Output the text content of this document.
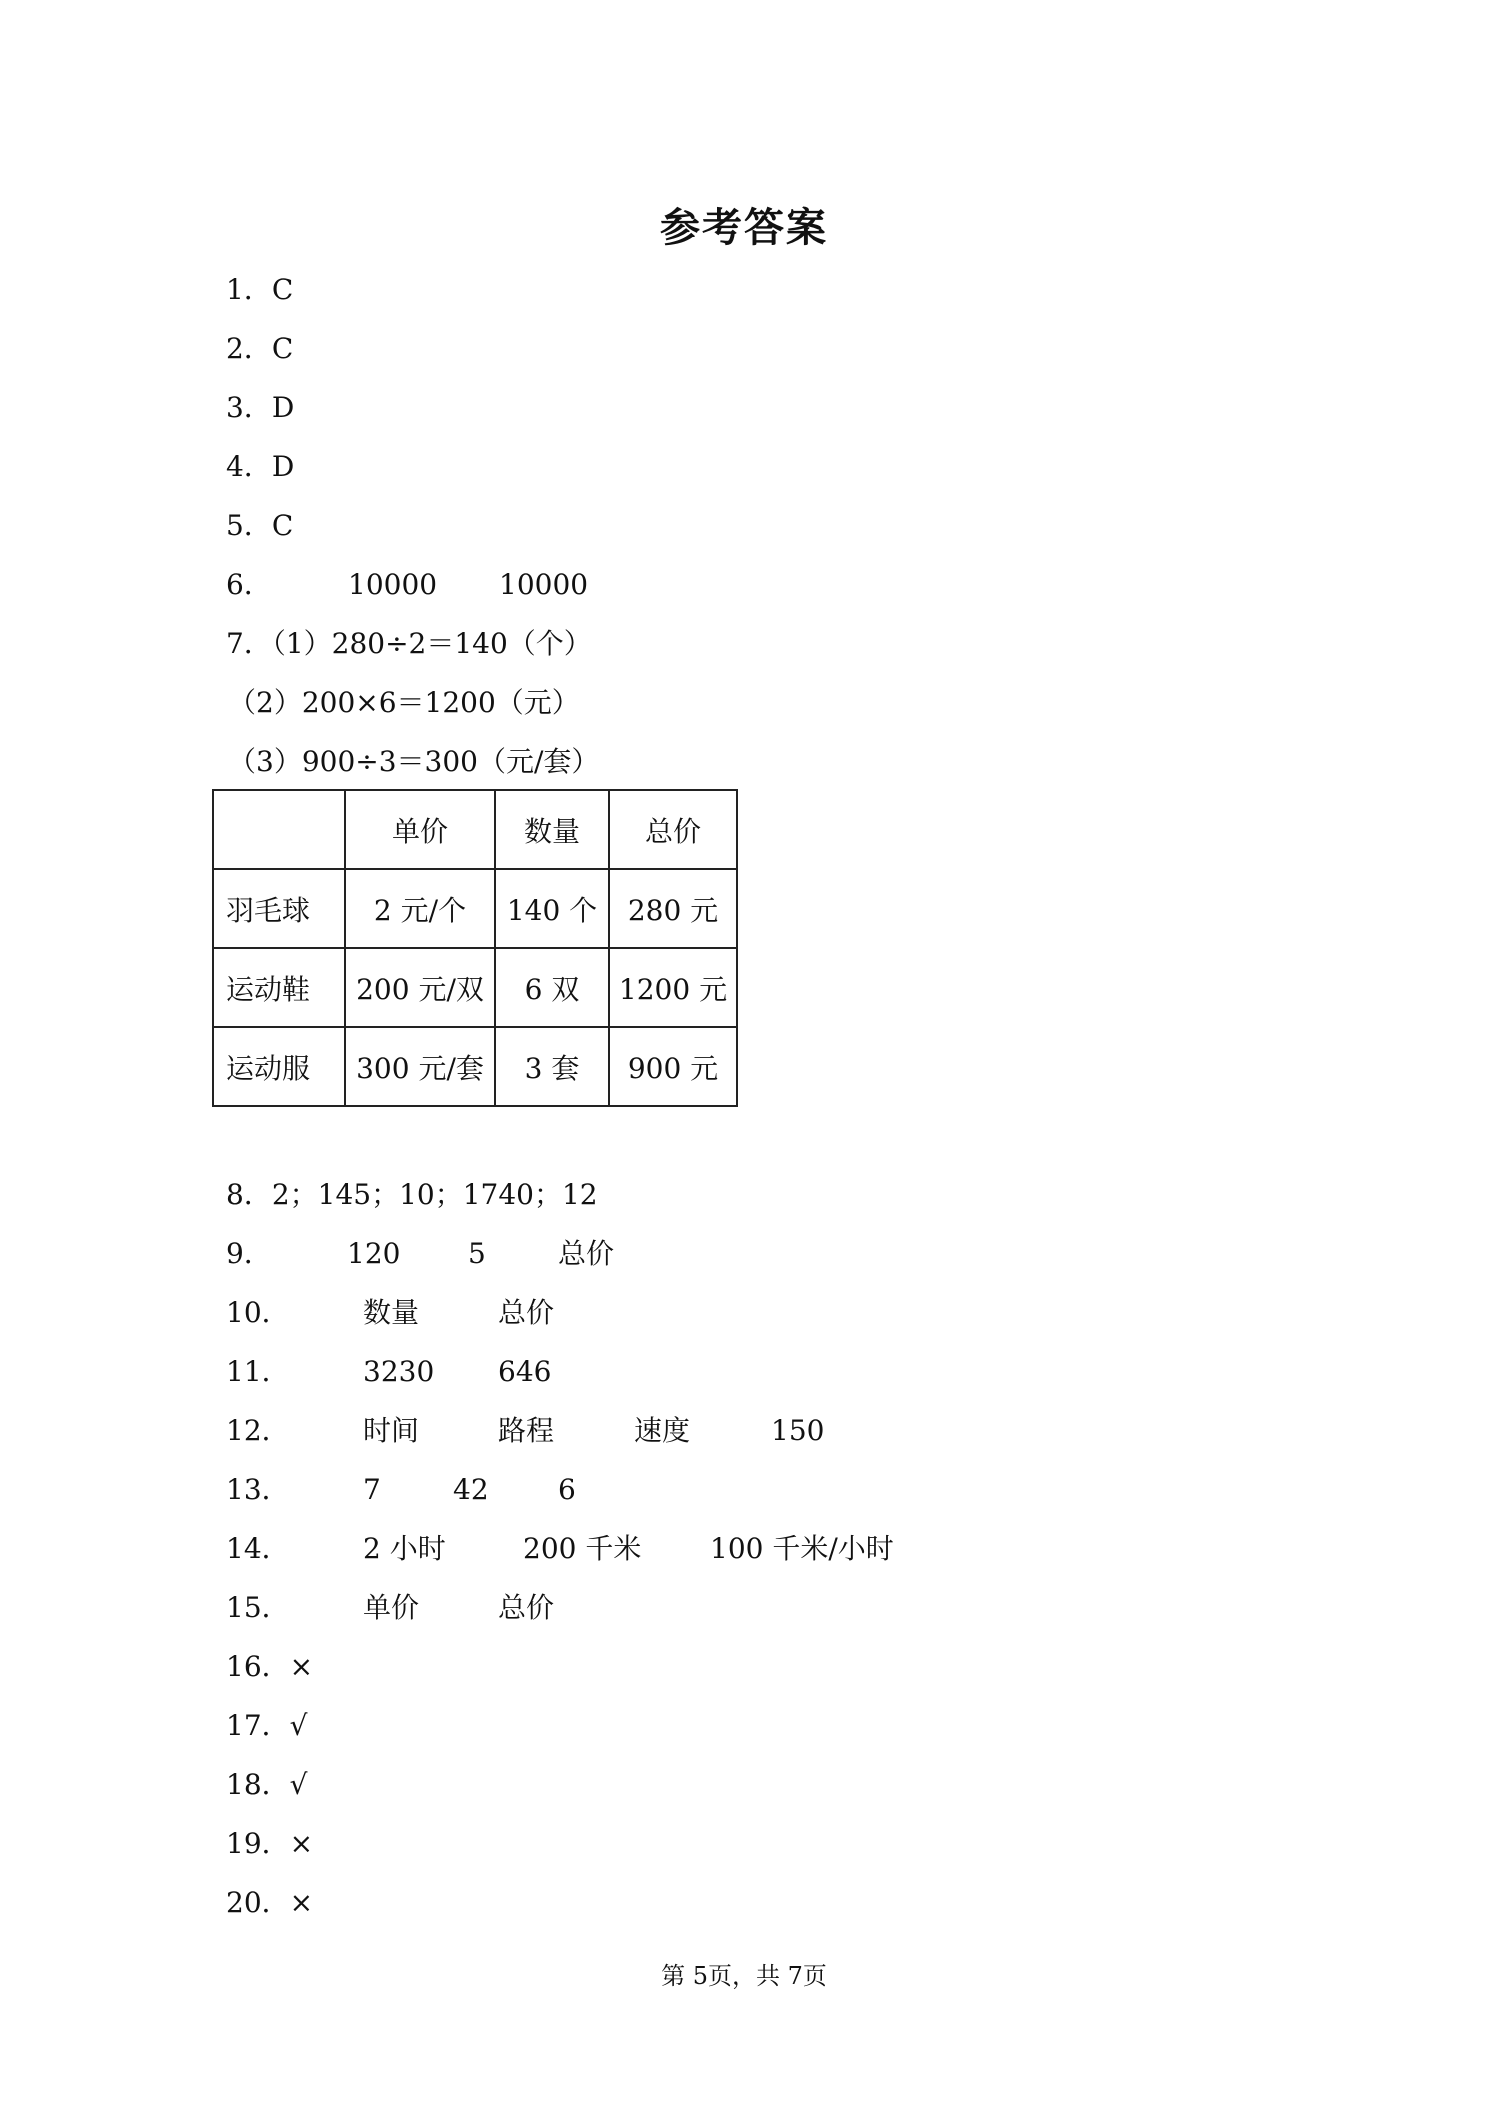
参考答案
1．C
2．C
3．D
4．D
5．C
6．	10000 10000
7．（1）280÷2＝140（个）
（2）200×6＝1200（元）
（3）900÷3＝300（元/套）
	单价	数量	总价
羽毛球	2 元/个	140 个	280 元
运动鞋	200 元/双	6 双	1200 元
运动服	300 元/套	3 套	900 元
8．2；145；10；1740；12
9．	120 5	总价
10．	数量	总价
11．	3230 646
12．	时间	路程	速度	150
13．	7	42 6
14．	2 小时	200 千米 100 千米/小时
15．	单价	总价
16．×
17．√
18．√
19．×
20．×
第 5页，共 7页
